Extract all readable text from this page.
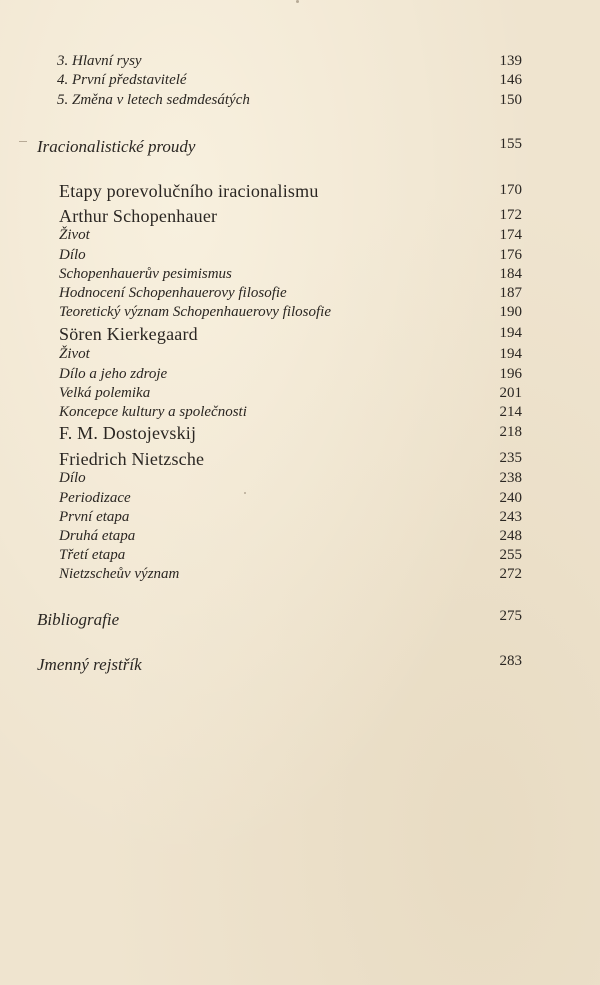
3. Hlavní rysy	139
4. První představitelé	146
5. Změna v letech sedmdesátých	150
Iracionalistické proudy	155
Etapy porevolučního iracionalismu	170
Arthur Schopenhauer	172
Život	174
Dílo	176
Schopenhauerův pesimismus	184
Hodnocení Schopenhauerovy filosofie	187
Teoretický význam Schopenhauerovy filosofie	190
Sören Kierkegaard	194
Život	194
Dílo a jeho zdroje	196
Velká polemika	201
Koncepce kultury a společnosti	214
F. M. Dostojevskij	218
Friedrich Nietzsche	235
Dílo	238
Periodizace	240
První etapa	243
Druhá etapa	248
Třetí etapa	255
Nietzscheův význam	272
Bibliografie	275
Jmenný rejstřík	283
